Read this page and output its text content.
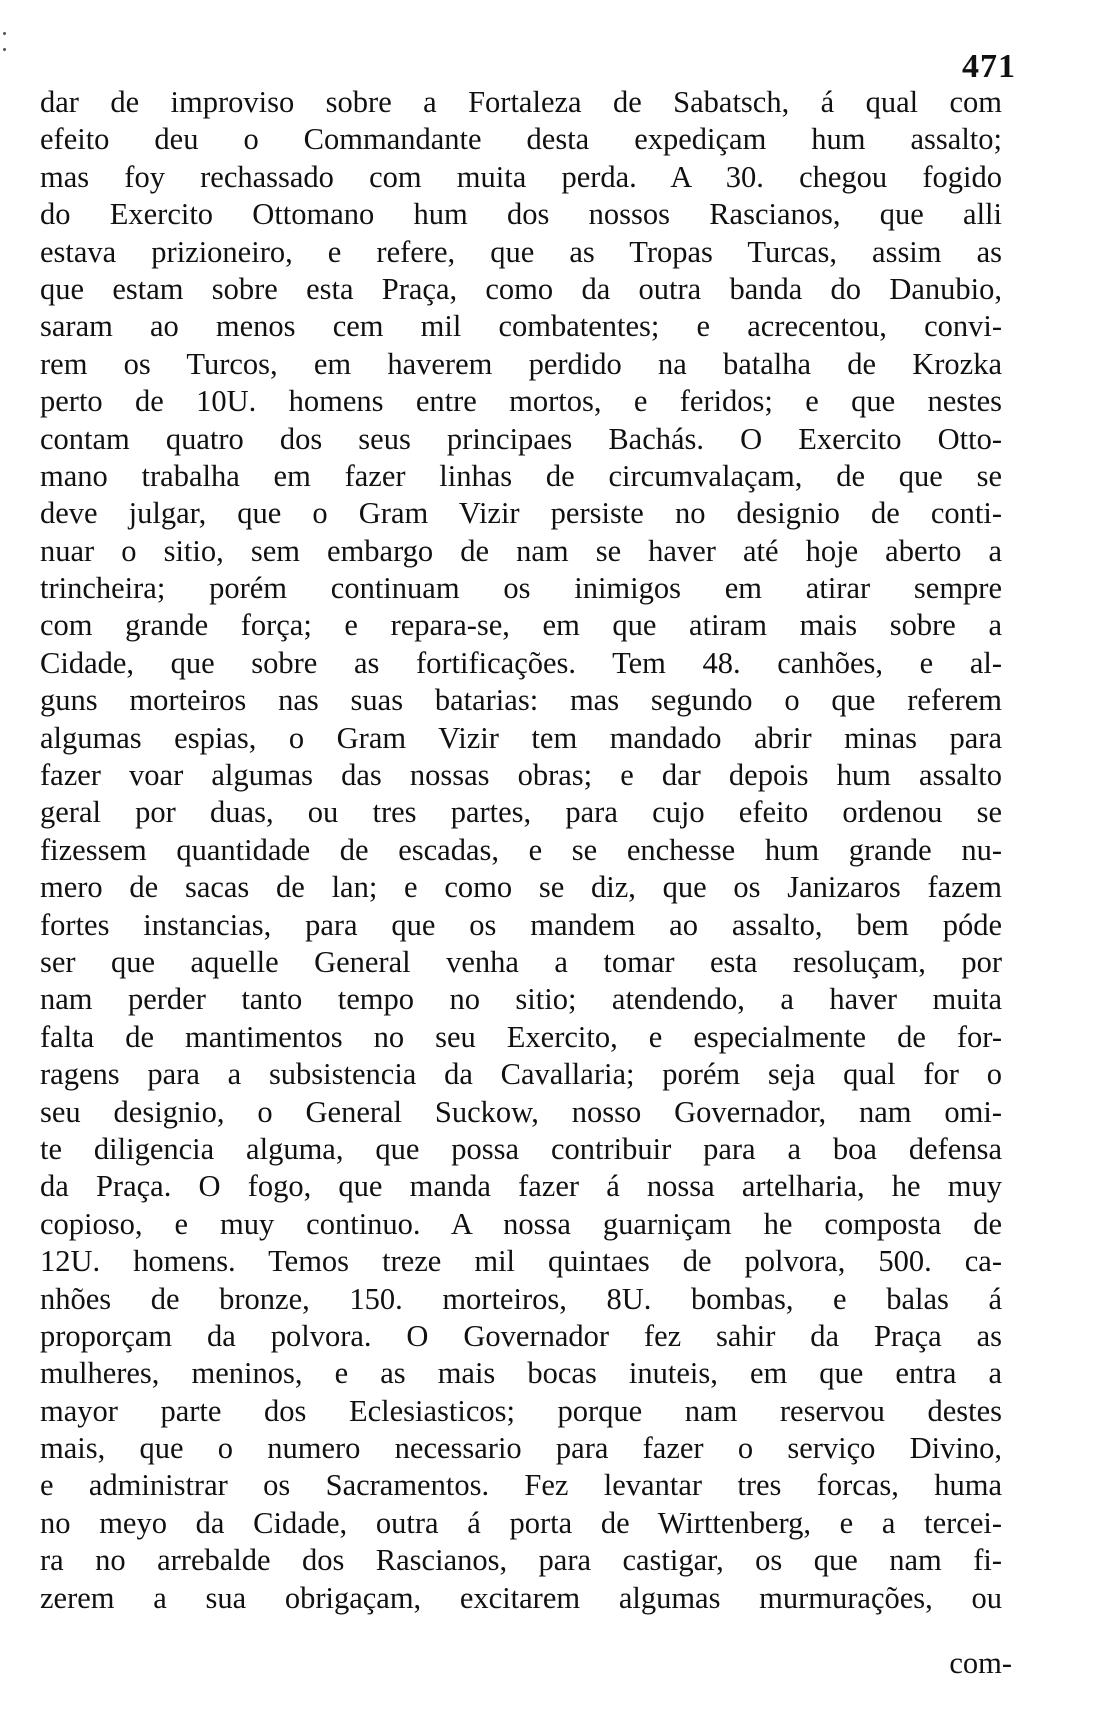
471
dar de improviso sobre a Fortaleza de Sabatsch, á qual com
efeito deu o Commandante desta expediçam hum assalto;
mas foy rechassado com muita perda. A 30. chegou fogido
do Exercito Ottomano hum dos nossos Rascianos, que alli
estava prizioneiro, e refere, que as Tropas Turcas, assim as
que estam sobre esta Praça, como da outra banda do Danubio,
saram ao menos cem mil combatentes; e acrecentou, convi-
rem os Turcos, em haverem perdido na batalha de Krozka
perto de 10U. homens entre mortos, e feridos; e que nestes
contam quatro dos seus principaes Bachás. O Exercito Otto-
mano trabalha em fazer linhas de circumvalaçam, de que se
deve julgar, que o Gram Vizir persiste no designio de conti-
nuar o sitio, sem embargo de nam se haver até hoje aberto a
trincheira; porém continuam os inimigos em atirar sempre
com grande força; e repara-se, em que atiram mais sobre a
Cidade, que sobre as fortificações. Tem 48. canhões, e al-
guns morteiros nas suas batarias: mas segundo o que referem
algumas espias, o Gram Vizir tem mandado abrir minas para
fazer voar algumas das nossas obras; e dar depois hum assalto
geral por duas, ou tres partes, para cujo efeito ordenou se
fizessem quantidade de escadas, e se enchesse hum grande nu-
mero de sacas de lan; e como se diz, que os Janizaros fazem
fortes instancias, para que os mandem ao assalto, bem póde
ser que aquelle General venha a tomar esta resoluçam, por
nam perder tanto tempo no sitio; atendendo, a haver muita
falta de mantimentos no seu Exercito, e especialmente de for-
ragens para a subsistencia da Cavallaria; porém seja qual for o
seu designio, o General Suckow, nosso Governador, nam omi-
te diligencia alguma, que possa contribuir para a boa defensa
da Praça. O fogo, que manda fazer á nossa artelharia, he muy
copioso, e muy continuo. A nossa guarniçam he composta de
12U. homens. Temos treze mil quintaes de polvora, 500. ca-
nhões de bronze, 150. morteiros, 8U. bombas, e balas á
proporçam da polvora. O Governador fez sahir da Praça as
mulheres, meninos, e as mais bocas inuteis, em que entra a
mayor parte dos Eclesiasticos; porque nam reservou destes
mais, que o numero necessario para fazer o serviço Divino,
e administrar os Sacramentos. Fez levantar tres forcas, huma
no meyo da Cidade, outra á porta de Wirttenberg, e a tercei-
ra no arrebalde dos Rascianos, para castigar, os que nam fi-
zerem a sua obrigaçam, excitarem algumas murmurações, ou
com-
